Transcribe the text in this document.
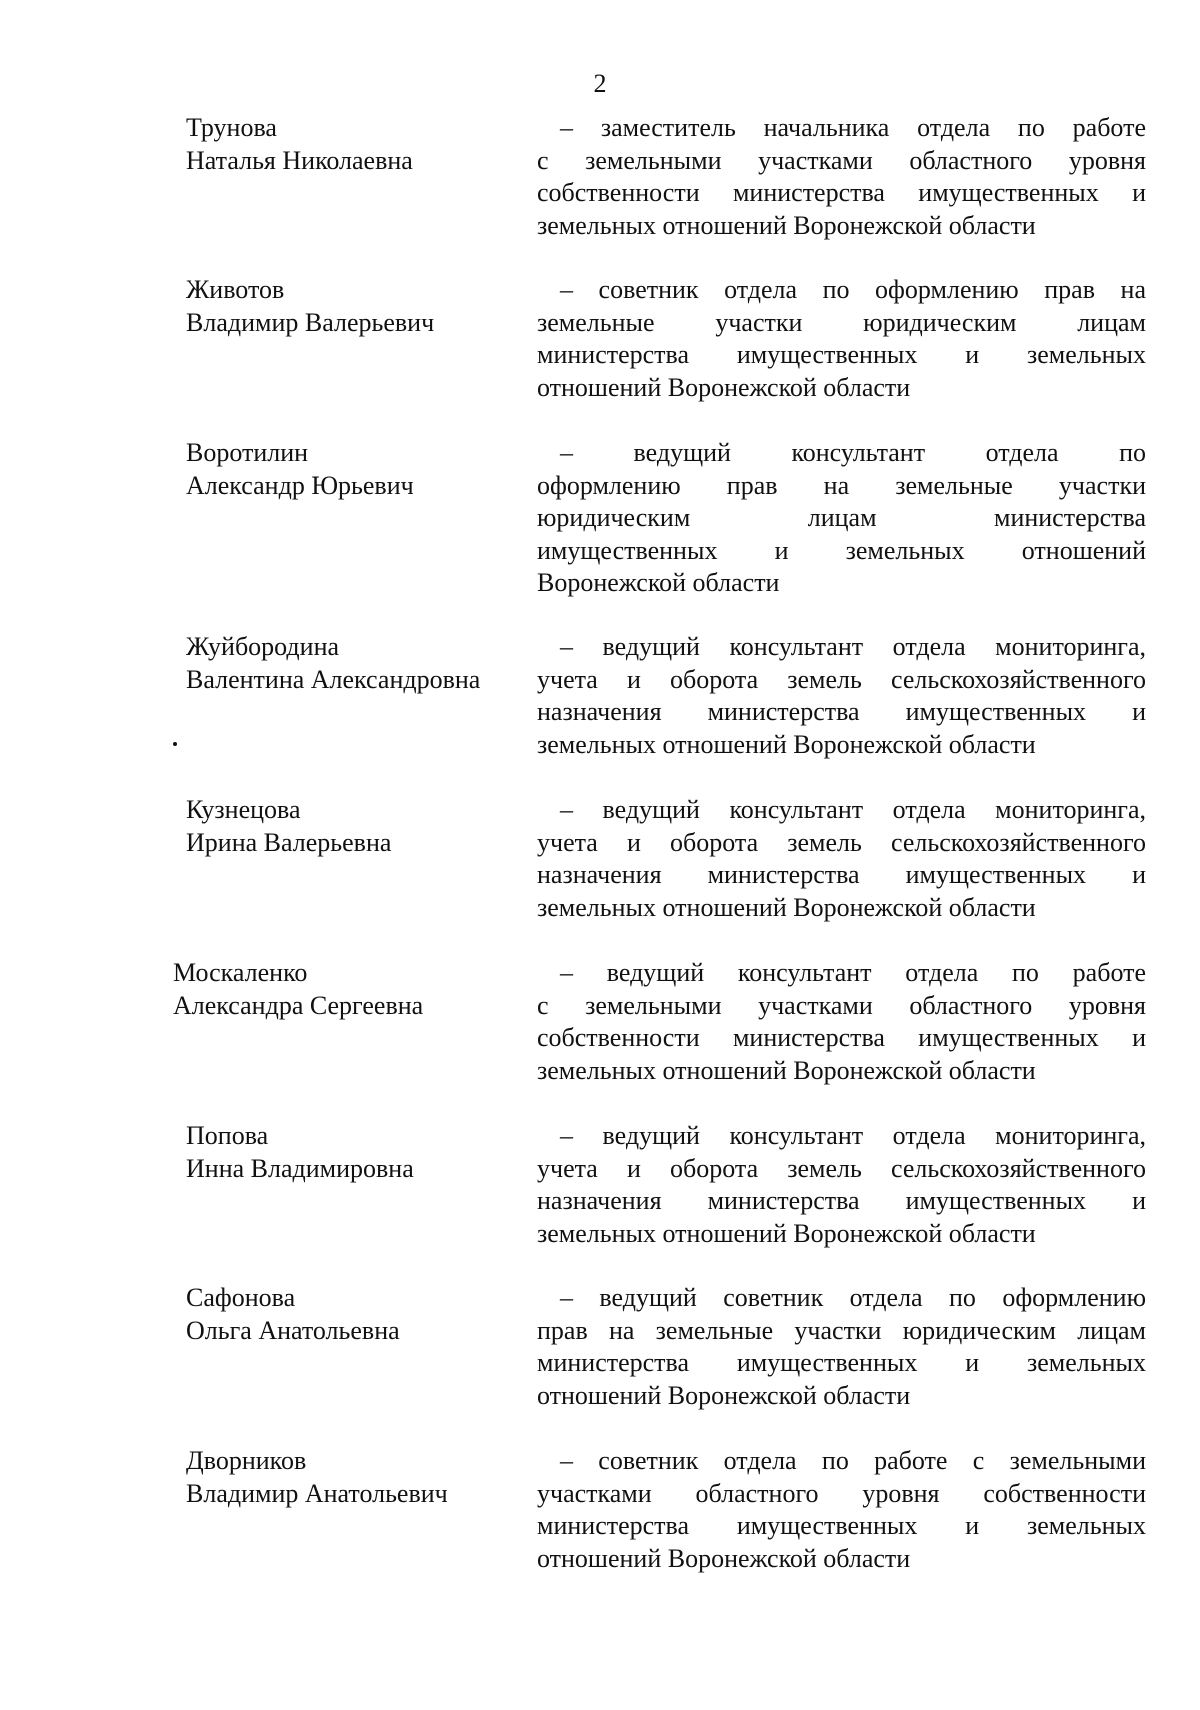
2
Трунова
Наталья Николаевна
– заместитель начальника отдела по работе
с земельными участками областного уровня
собственности министерства имущественных и
земельных отношений Воронежской области
Животов
Владимир Валерьевич
– советник отдела по оформлению прав на
земельные участки юридическим лицам
министерства имущественных и земельных
отношений Воронежской области
Воротилин
Александр Юрьевич
– ведущий консультант отдела по
оформлению прав на земельные участки
юридическим лицам министерства
имущественных и земельных отношений
Воронежской области
Жуйбородина
Валентина Александровна
– ведущий консультант отдела мониторинга,
учета и оборота земель сельскохозяйственного
назначения министерства имущественных и
земельных отношений Воронежской области
Кузнецова
Ирина Валерьевна
– ведущий консультант отдела мониторинга,
учета и оборота земель сельскохозяйственного
назначения министерства имущественных и
земельных отношений Воронежской области
Москаленко
Александра Сергеевна
– ведущий консультант отдела по работе
с земельными участками областного уровня
собственности министерства имущественных и
земельных отношений Воронежской области
Попова
Инна Владимировна
– ведущий консультант отдела мониторинга,
учета и оборота земель сельскохозяйственного
назначения министерства имущественных и
земельных отношений Воронежской области
Сафонова
Ольга Анатольевна
– ведущий советник отдела по оформлению
прав на земельные участки юридическим лицам
министерства имущественных и земельных
отношений Воронежской области
Дворников
Владимир Анатольевич
– советник отдела по работе с земельными
участками областного уровня собственности
министерства имущественных и земельных
отношений Воронежской области
